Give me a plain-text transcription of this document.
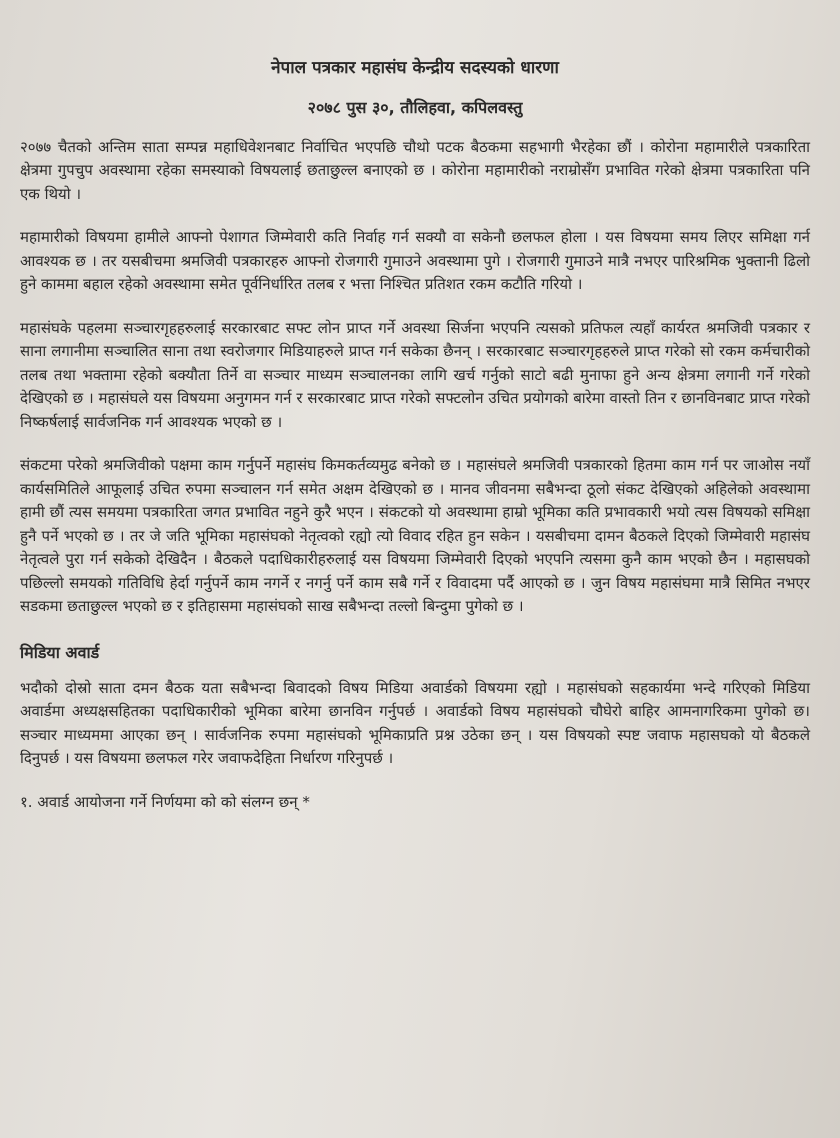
नेपाल पत्रकार महासंघ केन्द्रीय सदस्यको धारणा
२०७८ पुस ३०, तौलिहवा, कपिलवस्तु

२०७७ चैतको अन्तिम साता सम्पन्न महाधिवेशनबाट निर्वाचित भएपछि चौथो पटक बैठकमा सहभागी भैरहेका छौं । कोरोना महामारीले पत्रकारिता क्षेत्रमा गुपचुप अवस्थामा रहेका समस्याको विषयलाई छताछुल्ल बनाएको छ । कोरोना महामारीको नराम्रोसँग प्रभावित गरेको क्षेत्रमा पत्रकारिता पनि एक थियो ।

महामारीको विषयमा हामीले आफ्नो पेशागत जिम्मेवारी कति निर्वाह गर्न सक्यौ वा सकेनौ छलफल होला । यस विषयमा समय लिएर समिक्षा गर्न आवश्यक छ । तर यसबीचमा श्रमजिवी पत्रकारहरु आफ्नो रोजगारी गुमाउने अवस्थामा पुगे । रोजगारी गुमाउने मात्रै नभएर पारिश्रमिक भुक्तानी ढिलो हुने काममा बहाल रहेको अवस्थामा समेत पूर्वनिर्धारित तलब र भत्ता निश्चित प्रतिशत रकम कटौति गरियो ।

महासंघके पहलमा सञ्चारगृहहरुलाई सरकारबाट सफ्ट लोन प्राप्त गर्ने अवस्था सिर्जना भएपनि त्यसको प्रतिफल त्यहाँ कार्यरत श्रमजिवी पत्रकार र साना लगानीमा सञ्चालित साना तथा स्वरोजगार मिडियाहरुले प्राप्त गर्न सकेका छैनन् । सरकारबाट सञ्चारगृहहरुले प्राप्त गरेको सो रकम कर्मचारीको तलब तथा भक्तामा रहेको बक्यौता तिर्ने वा सञ्चार माध्यम सञ्चालनका लागि खर्च गर्नुको साटो बढी मुनाफा हुने अन्य क्षेत्रमा लगानी गर्ने गरेको देखिएको छ । महासंघले यस विषयमा अनुगमन गर्न र सरकारबाट प्राप्त गरेको सफ्टलोन उचित प्रयोगको बारेमा वास्तो तिन र छानविनबाट प्राप्त गरेको निष्कर्षलाई सार्वजनिक गर्न आवश्यक भएको छ ।

संकटमा परेको श्रमजिवीको पक्षमा काम गर्नुपर्ने महासंघ किमकर्तव्यमुढ बनेको छ । महासंघले श्रमजिवी पत्रकारको हितमा काम गर्न पर जाओस नयाँ कार्यसमितिले आफूलाई उचित रुपमा सञ्चालन गर्न समेत अक्षम देखिएको छ । मानव जीवनमा सबैभन्दा ठूलो संकट देखिएको अहिलेको अवस्थामा हामी छौं त्यस समयमा पत्रकारिता जगत प्रभावित नहुने कुरै भएन । संकटको यो अवस्थामा हाम्रो भूमिका कति प्रभावकारी भयो त्यस विषयको समिक्षा हुनै पर्ने भएको छ । तर जे जति भूमिका महासंघको नेतृत्वको रह्यो त्यो विवाद रहित हुन सकेन । यसबीचमा दामन बैठकले दिएको जिम्मेवारी महासंघ नेतृत्वले पुरा गर्न सकेको देखिदैन । बैठकले पदाधिकारीहरुलाई यस विषयमा जिम्मेवारी दिएको भएपनि त्यसमा कुनै काम भएको छैन । महासघको पछिल्लो समयको गतिविधि हेर्दा गर्नुपर्ने काम नगर्ने र नगर्नु पर्ने काम सबै गर्ने र विवादमा पर्दै आएको छ । जुन विषय महासंघमा मात्रै सिमित नभएर सडकमा छताछुल्ल भएको छ र इतिहासमा महासंघको साख सबैभन्दा तल्लो बिन्दुमा पुगेको छ ।

मिडिया अवार्ड

भदौको दोस्रो साता दमन बैठक यता सबैभन्दा बिवादको विषय मिडिया अवार्डको विषयमा रह्यो । महासंघको सहकार्यमा भन्दे गरिएको मिडिया अवार्डमा अध्यक्षसहितका पदाधिकारीको भूमिका बारेमा छानविन गर्नुपर्छ । अवार्डको विषय महासंघको चौघेरो बाहिर आमनागरिकमा पुगेको छ। सञ्चार माध्यममा आएका छन् । सार्वजनिक रुपमा महासंघको भूमिकाप्रति प्रश्न उठेका छन् । यस विषयको स्पष्ट जवाफ महासघको यो बैठकले दिनुपर्छ । यस विषयमा छलफल गरेर जवाफदेहिता निर्धारण गरिनुपर्छ ।

१. अवार्ड आयोजना गर्ने निर्णयमा को को संलग्न छन् *
